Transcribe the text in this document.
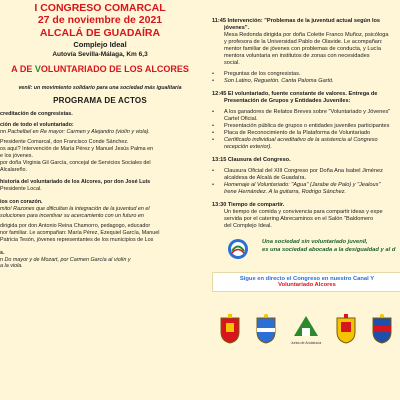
I CONGRESO COMARCAL
27 de noviembre de 2021
ALCALÁ DE GUADAÍRA
Complejo Ideal
Autovía Sevilla-Málaga, Km 6,3
A DE VOLUNTARIADO DE LOS ALCORES
venil: un movimiento solidario para una sociedad más igualitaria
PROGRAMA DE ACTOS
creditación de congresistas.
ción de todo el voluntariado:
nn Pachelbel en Re mayor: Carmen y Alejandro (violín y viola).
Presidente Comarcal, don Francisco Conde Sánchez.
os aquí? Intervención de María Pérez y Manuel Jesús Palma en
e los jóvenes.
por doña Virginia Gil García, concejal de Servicios Sociales del
Alcalareño.
historia del voluntariado de los Alcores, por don José Luis
Presidente Local.
ios con corazón.
mito! Razones que dificultan la integración de la juventud en el
soluciones para incentivar su acercamiento con un futuro en
dirigida por don Antonio Reina Chamorro, pedagogo, educador
nor familiar. Le acompañan: María Pérez, Ezequiel García, Manuel
Patricia Tesón, jóvenes representantes de los municipios de Los
s.
n Do mayor y de Mozart, por Carmen García al violín y
a la viola.
11:45 Intervención: "Problemas de la juventud actual según los
jóvenes".
Mesa Redonda dirigida por doña Colette Franco Muñoz, psicóloga
y profesora de la Universidad Pablo de Olavide. Le acompañan:
mentor familiar de jóvenes con problemas de conducta, y Lucía
mentora voluntaria en institutos de zonas con necesidades
social.
• Preguntas de los congresistas.
• Son Latino, Reguetón. Canta Paloma Gartó.
12:45 El voluntariado, fuente constante de valores. Entrega de
Presentación de Grupos y Entidades Juveniles:
• A los ganadores de Relatos Breves sobre "Voluntariado y Jóvenes"
Cartel Oficial.
• Presentación pública de grupos o entidades juveniles participantes
• Placa de Reconocimiento de la Plataforma de Voluntariado
• Certificado individual acreditativo de la asistencia al Congreso
recepción exterior).
13:15 Clausura del Congreso.
• Clausura Oficial del XIII Congreso por Doña Ana Isabel Jiménez
alcaldesa de Alcalá de Guadaíra.
• Homenaje al Voluntariado: "Agua" (Jarabe de Palo) y "Jealous"
Irene Hernández. A la guitarra, Rodrigo Sánchez.
13:30 Tiempo de compartir.
Un tiempo de comida y convivencia para compartir ideas y expe
servida por el catering Abrecaminos en el Salón "Baldomero
del Complejo Ideal.
Una sociedad sin voluntariado juvenil,
es una sociedad abocada a la desigualdad y al d
Sigue en directo el Congreso en nuestro Canal Y
Voluntariado Alcores
Junta de Andalucía
